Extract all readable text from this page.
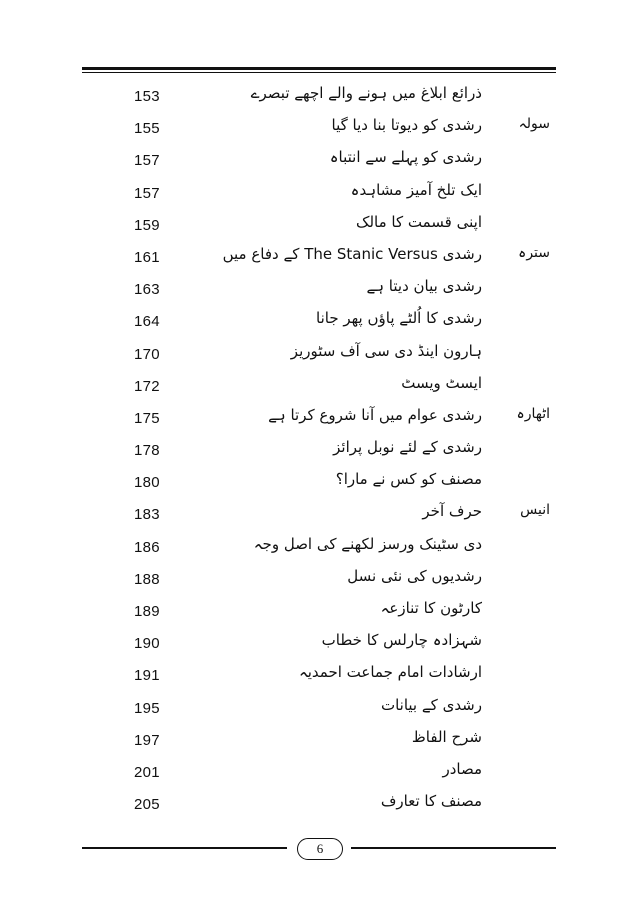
153	ذرائع ابلاغ میں ہونے والے اچھے تبصرے
155	رشدی کو دیوتا بنا دیا گیا	سولہ
157	رشدی کو پہلے سے انتباہ
157	ایک تلخ آمیز مشاہدہ
159	اپنی قسمت کا مالک
161	رشدی The Stanic Versus کے دفاع میں	سترہ
163	رشدی بیان دیتا ہے
164	رشدی کا اُلٹے پاؤں پھر جانا
170	ہارون اینڈ دی سی آف سٹوریز
172	ایسٹ ویسٹ
175	رشدی عوام میں آنا شروع کرتا ہے	اٹھارہ
178	رشدی کے لئے نوبل پرائز
180	مصنف کو کس نے مارا؟
183	حرف آخر	انیس
186	دی سٹینک ورسز لکھنے کی اصل وجہ
188	رشدیوں کی نئی نسل
189	کارٹون کا تنازعہ
190	شہزادہ چارلس کا خطاب
191	ارشادات امام جماعت احمدیہ
195	رشدی کے بیانات
197	شرح الفاظ
201	مصادر
205	مصنف کا تعارف
6
